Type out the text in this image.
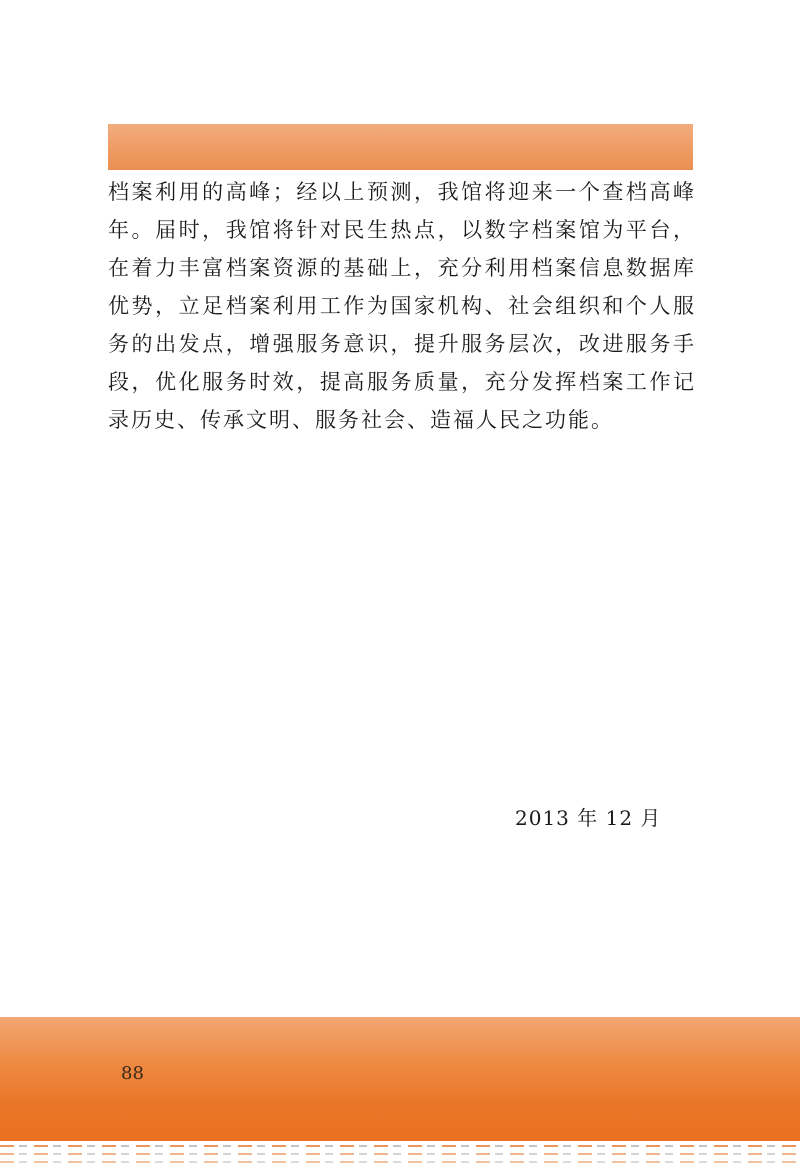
档案利用的高峰；经以上预测，我馆将迎来一个查档高峰年。届时，我馆将针对民生热点，以数字档案馆为平台，在着力丰富档案资源的基础上，充分利用档案信息数据库优势，立足档案利用工作为国家机构、社会组织和个人服务的出发点，增强服务意识，提升服务层次，改进服务手段，优化服务时效，提高服务质量，充分发挥档案工作记录历史、传承文明、服务社会、造福人民之功能。

2013 年 12 月
88
